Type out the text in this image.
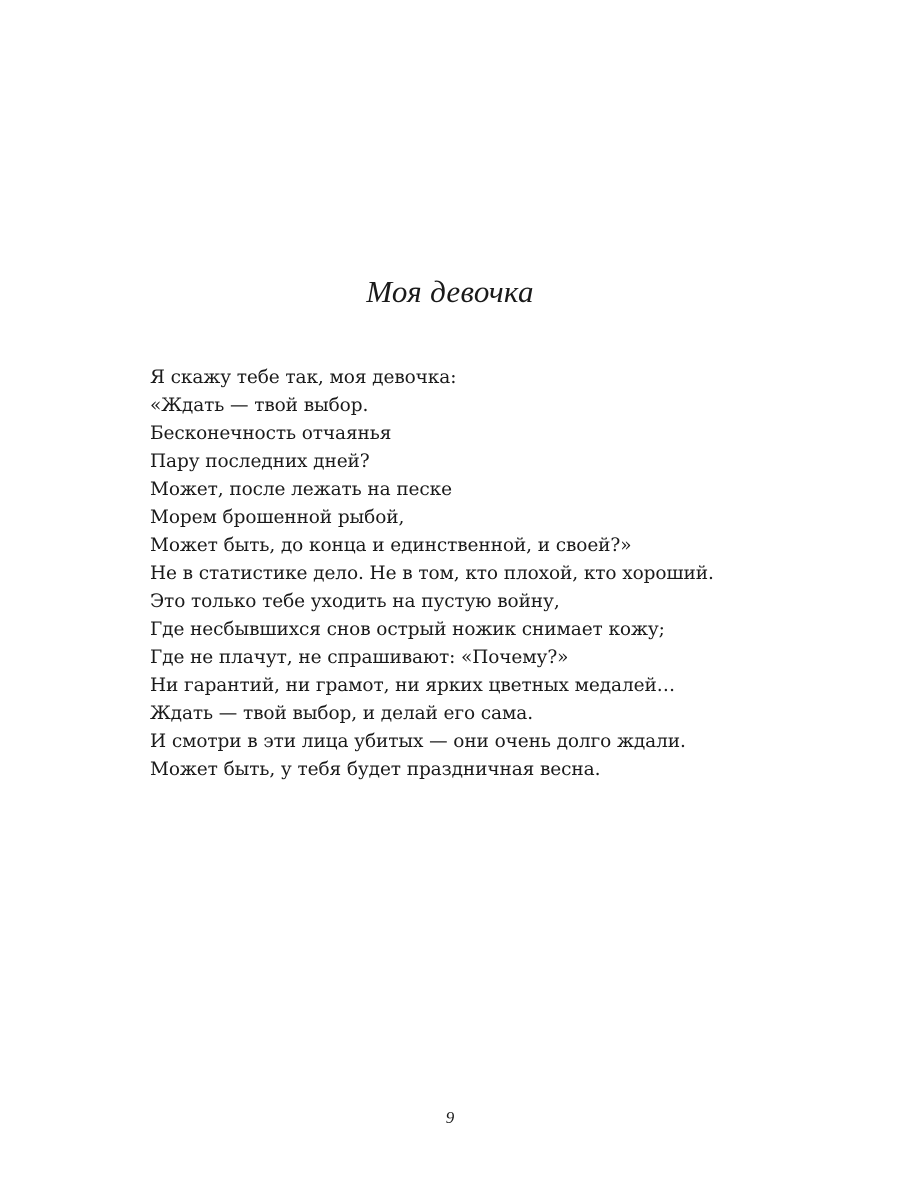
Моя девочка
Я скажу тебе так, моя девочка:
«Ждать — твой выбор.
Бесконечность отчаянья
Пару последних дней?
Может, после лежать на песке
Морем брошенной рыбой,
Может быть, до конца и единственной, и своей?»
Не в статистике дело. Не в том, кто плохой, кто хороший.
Это только тебе уходить на пустую войну,
Где несбывшихся снов острый ножик снимает кожу;
Где не плачут, не спрашивают: «Почему?»
Ни гарантий, ни грамот, ни ярких цветных медалей…
Ждать — твой выбор, и делай его сама.
И смотри в эти лица убитых — они очень долго ждали.
Может быть, у тебя будет праздничная весна.
9
